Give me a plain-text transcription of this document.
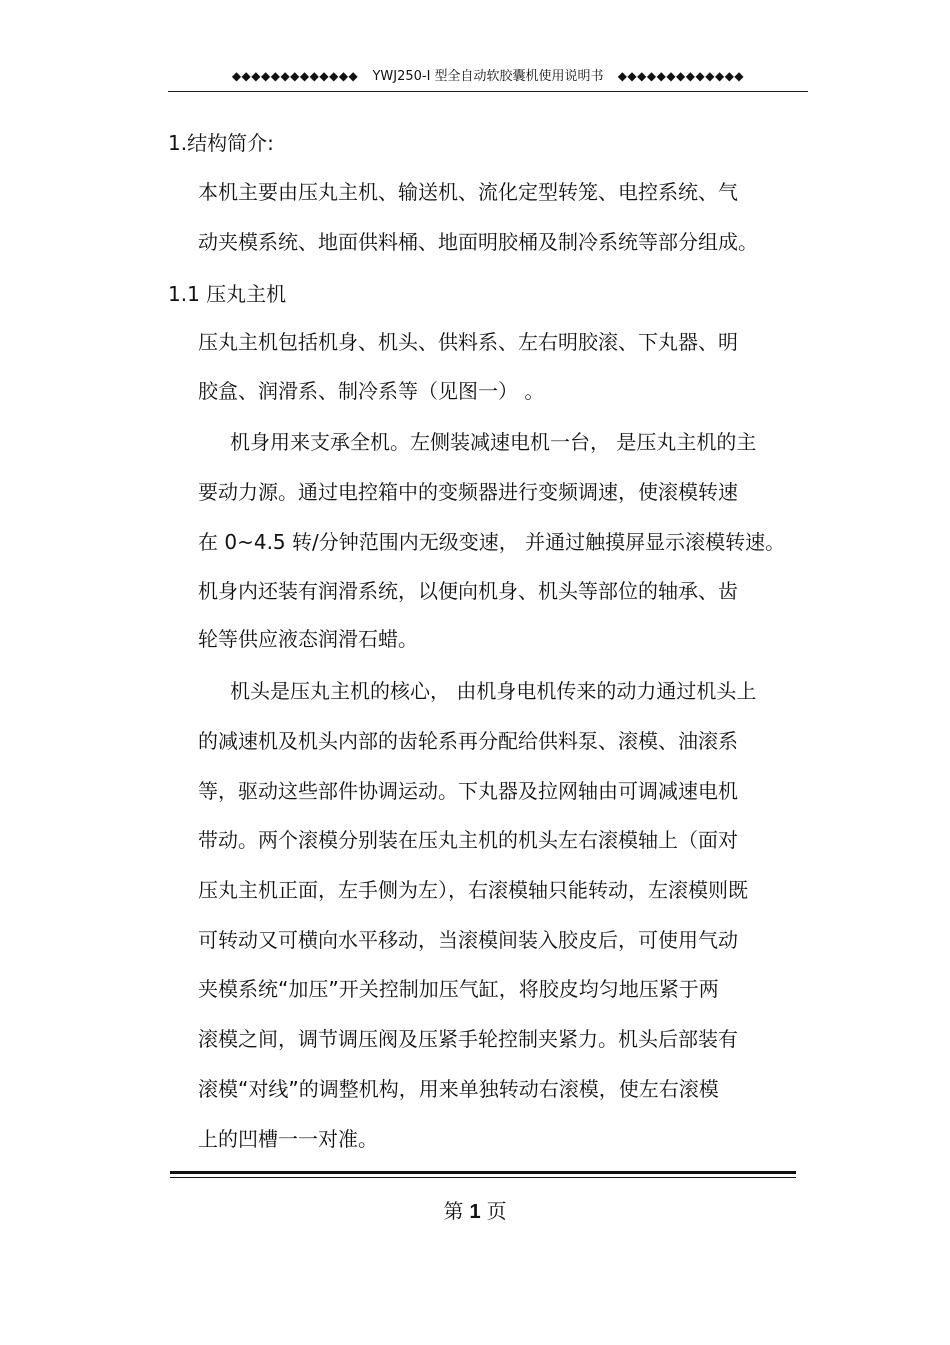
◆◆◆◆◆◆◆◆◆◆◆◆◆ YWJ250-I 型全自动软胶囊机使用说明书 ◆◆◆◆◆◆◆◆◆◆◆◆◆
1.结构简介:
本机主要由压丸主机、输送机、流化定型转笼、电控系统、气
动夹模系统、地面供料桶、地面明胶桶及制冷系统等部分组成。
1.1 压丸主机
压丸主机包括机身、机头、供料系、左右明胶滚、下丸器、明
胶盒、润滑系、制冷系等（见图一） 。
机身用来支承全机。左侧装减速电机一台， 是压丸主机的主
要动力源。通过电控箱中的变频器进行变频调速，使滚模转速
在 0~4.5 转/分钟范围内无级变速， 并通过触摸屏显示滚模转速。
机身内还装有润滑系统，以便向机身、机头等部位的轴承、齿
轮等供应液态润滑石蜡。
机头是压丸主机的核心， 由机身电机传来的动力通过机头上
的减速机及机头内部的齿轮系再分配给供料泵、滚模、油滚系
等，驱动这些部件协调运动。下丸器及拉网轴由可调减速电机
带动。两个滚模分别装在压丸主机的机头左右滚模轴上（面对
压丸主机正面，左手侧为左），右滚模轴只能转动，左滚模则既
可转动又可横向水平移动，当滚模间装入胶皮后，可使用气动
夹模系统“加压”开关控制加压气缸，将胶皮均匀地压紧于两
滚模之间，调节调压阀及压紧手轮控制夹紧力。机头后部装有
滚模“对线”的调整机构，用来单独转动右滚模，使左右滚模
上的凹槽一一对准。
第 1 页
